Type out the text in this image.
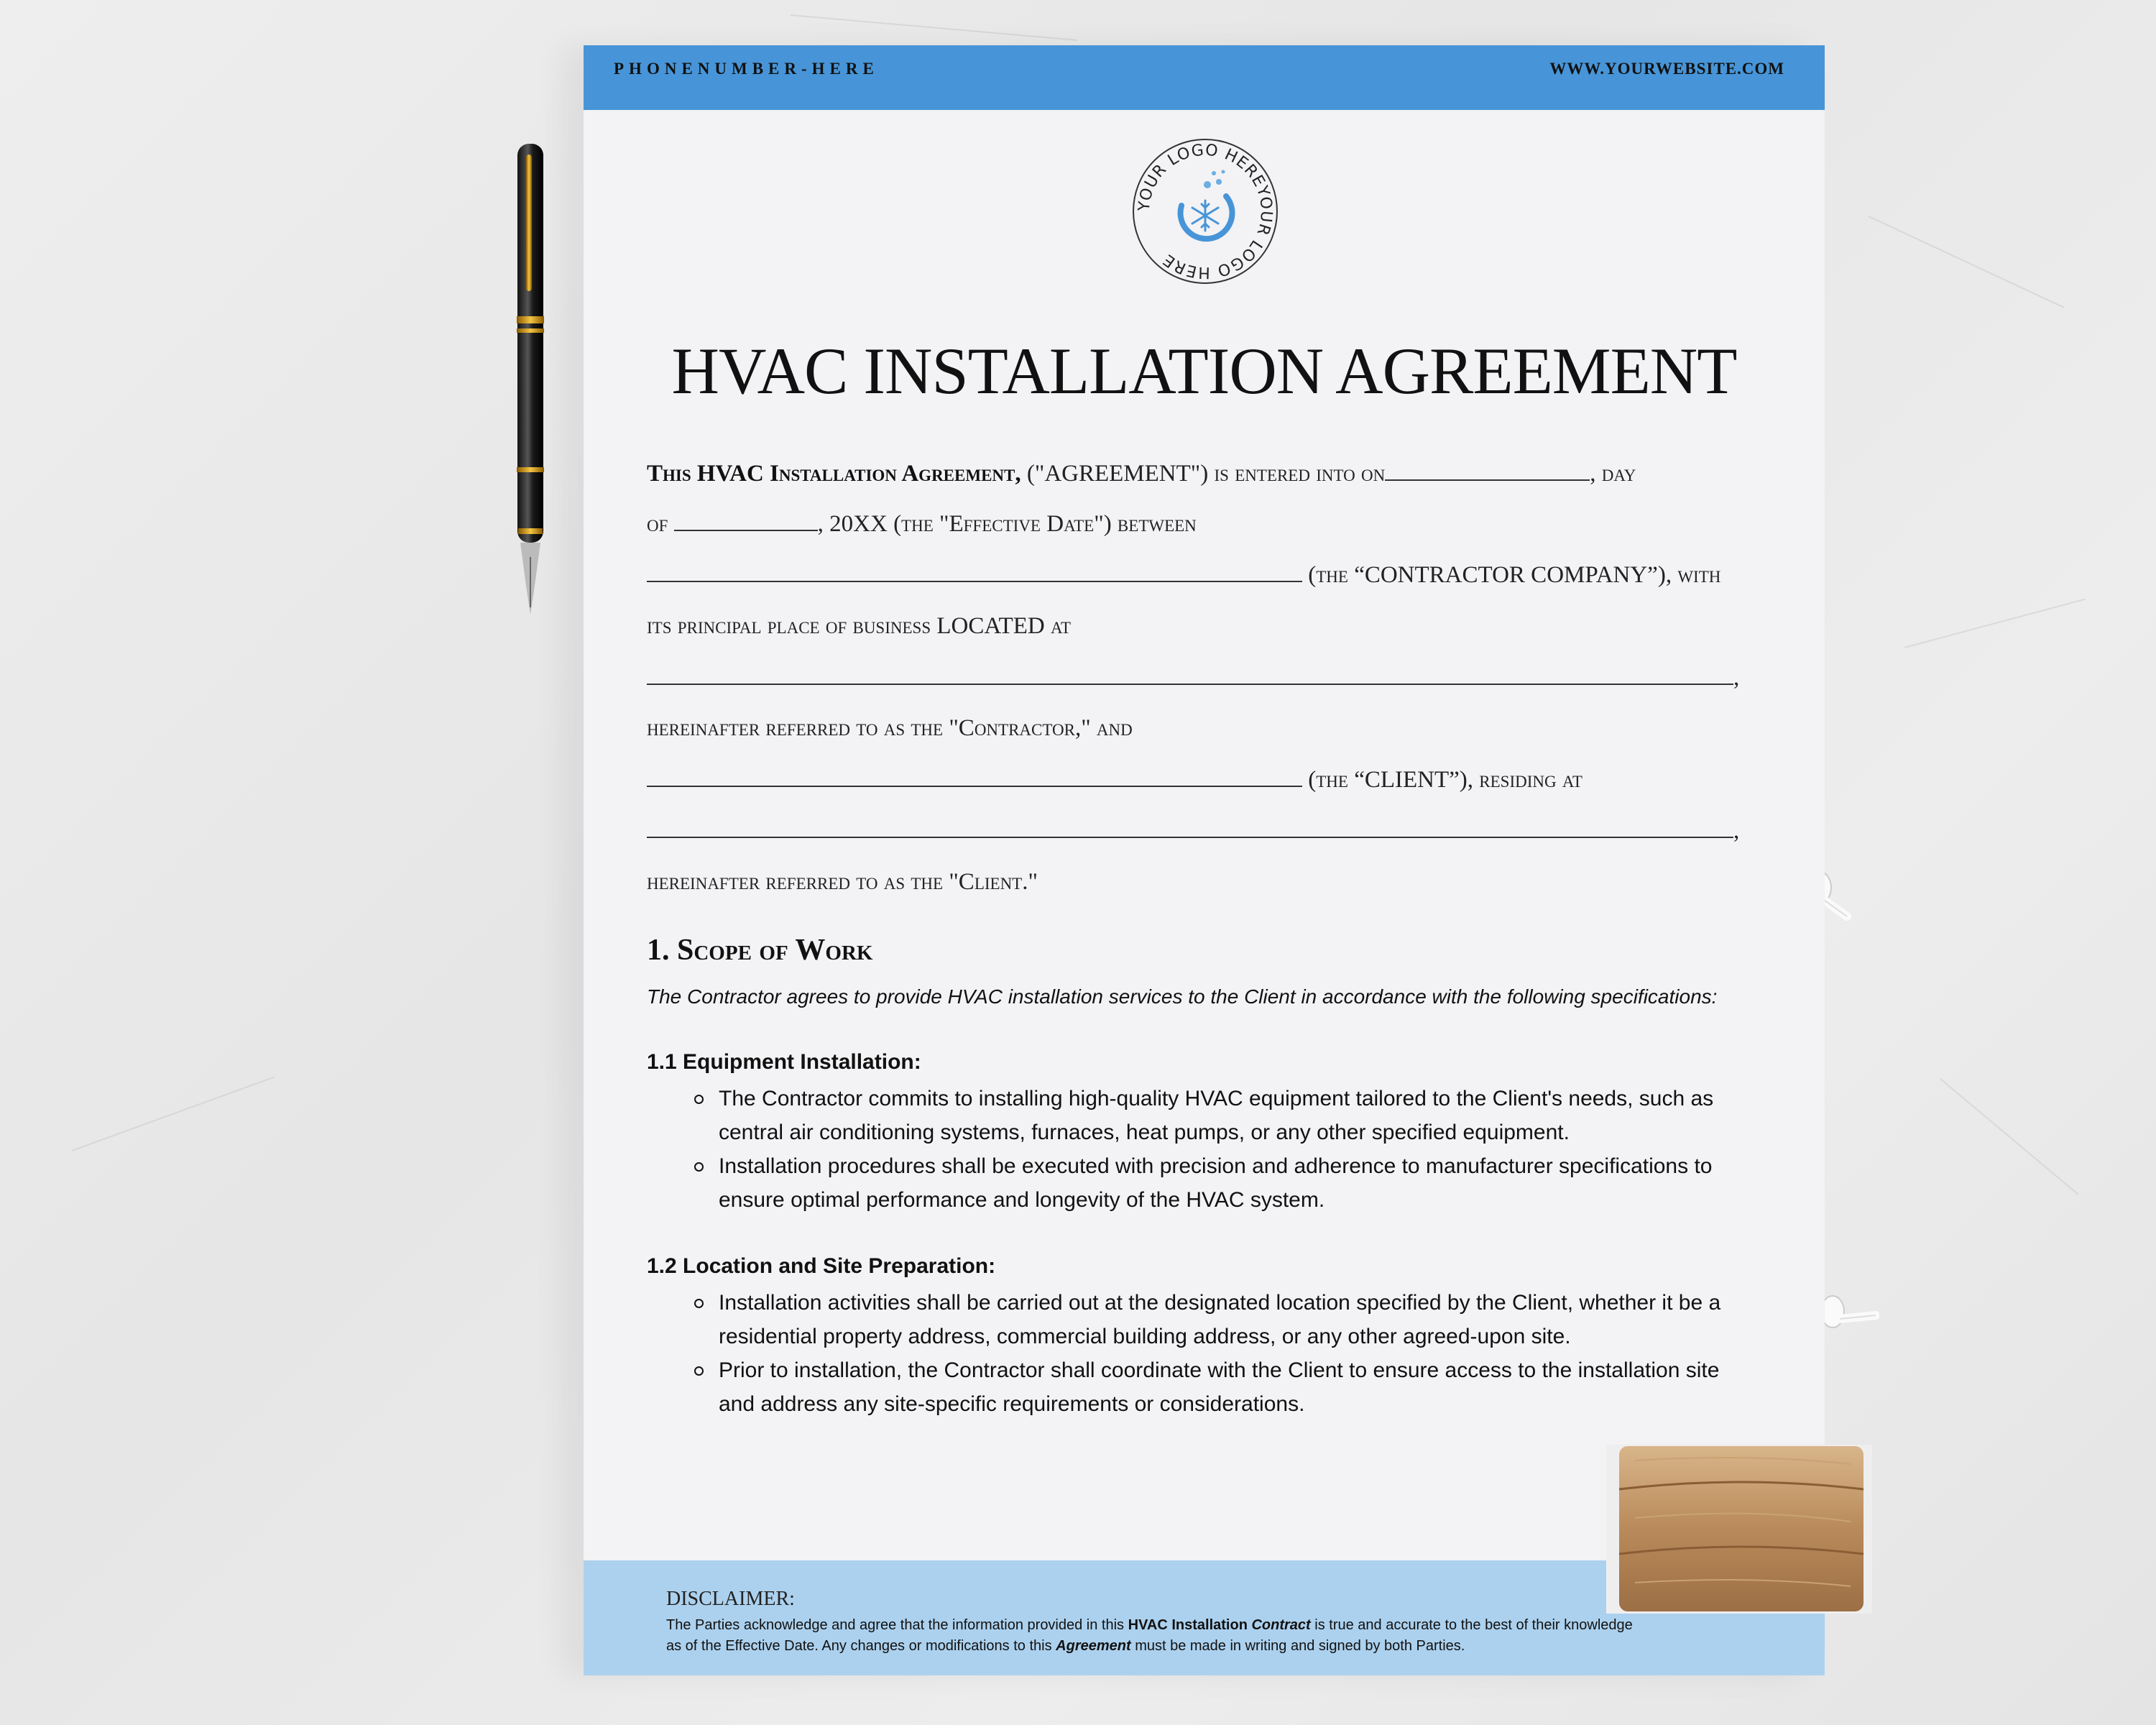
PHONENUMBER-HERE	WWW.YOURWEBSITE.COM
YOUR LOGO HEREYOUR LOGO HERE
HVAC INSTALLATION AGREEMENT
This HVAC Installation Agreement, ("AGREEMENT") is entered into on	, day
of	, 20XX (the "Effective Date") between
(the “CONTRACTOR COMPANY”), with
its principal place of business LOCATED at
,
hereinafter referred to as the "Contractor," and
(the “CLIENT”), residing at
,
hereinafter referred to as the "Client."
1. Scope of Work
The Contractor agrees to provide HVAC installation services to the Client in accordance with the following specifications:
1.1 Equipment Installation:
The Contractor commits to installing high-quality HVAC equipment tailored to the Client's needs, such as central air conditioning systems, furnaces, heat pumps, or any other specified equipment.
Installation procedures shall be executed with precision and adherence to manufacturer specifications to ensure optimal performance and longevity of the HVAC system.
1.2 Location and Site Preparation:
Installation activities shall be carried out at the designated location specified by the Client, whether it be a residential property address, commercial building address, or any other agreed-upon site.
Prior to installation, the Contractor shall coordinate with the Client to ensure access to the installation site and address any site-specific requirements or considerations.
DISCLAIMER:
The Parties acknowledge and agree that the information provided in this HVAC Installation Contract is true and accurate to the best of their knowledge as of the Effective Date. Any changes or modifications to this Agreement must be made in writing and signed by both Parties.
